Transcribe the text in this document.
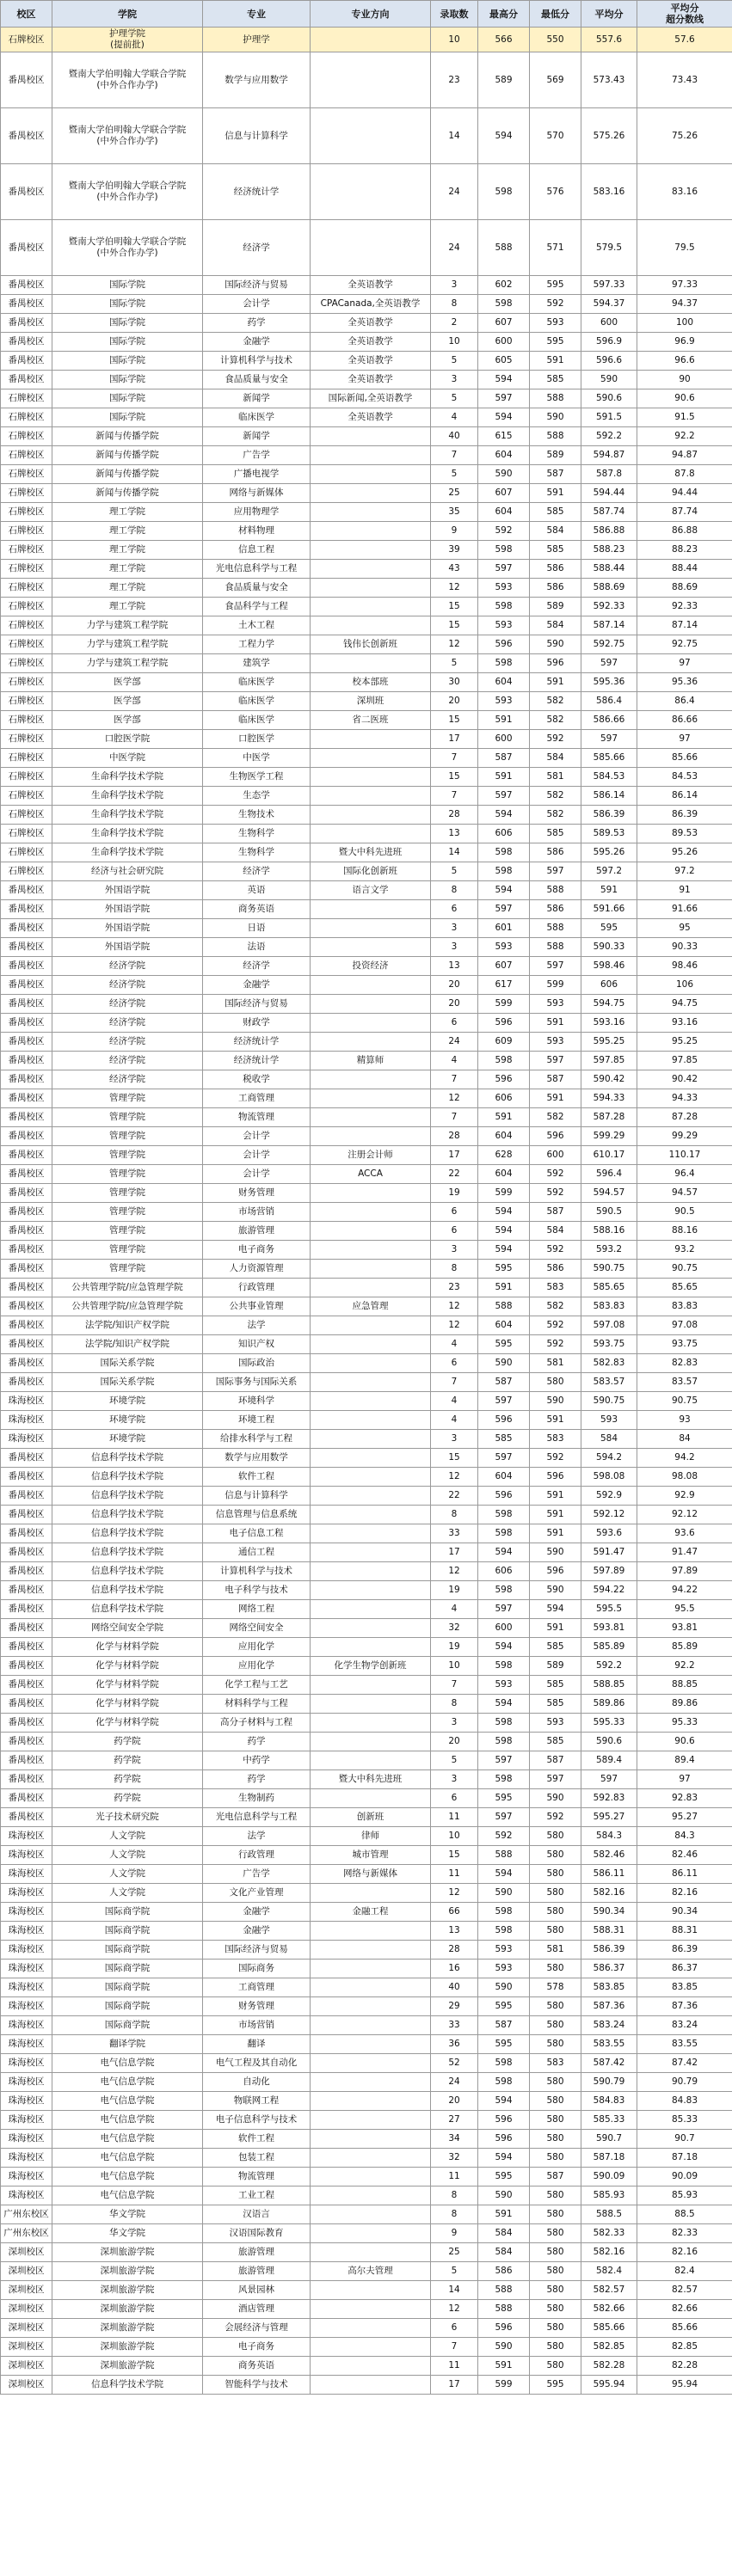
校区	学院	专业	专业方向	录取数	最高分	最低分	平均分	平均分
超分数线

石牌校区	护理学院
(提前批)	护理学		10	566	550	557.6	57.6
番禺校区	暨南大学伯明翰大学联合学院
(中外合作办学)	数学与应用数学		23	589	569	573.43	73.43
番禺校区	暨南大学伯明翰大学联合学院
(中外合作办学)	信息与计算科学		14	594	570	575.26	75.26
番禺校区	暨南大学伯明翰大学联合学院
(中外合作办学)	经济统计学		24	598	576	583.16	83.16
番禺校区	暨南大学伯明翰大学联合学院
(中外合作办学)	经济学		24	588	571	579.5	79.5
番禺校区	国际学院	国际经济与贸易	全英语教学	3	602	595	597.33	97.33
番禺校区	国际学院	会计学	CPACanada,全英语教学	8	598	592	594.37	94.37
番禺校区	国际学院	药学	全英语教学	2	607	593	600	100
番禺校区	国际学院	金融学	全英语教学	10	600	595	596.9	96.9
番禺校区	国际学院	计算机科学与技术	全英语教学	5	605	591	596.6	96.6
番禺校区	国际学院	食品质量与安全	全英语教学	3	594	585	590	90
石牌校区	国际学院	新闻学	国际新闻,全英语教学	5	597	588	590.6	90.6
石牌校区	国际学院	临床医学	全英语教学	4	594	590	591.5	91.5
石牌校区	新闻与传播学院	新闻学		40	615	588	592.2	92.2
石牌校区	新闻与传播学院	广告学		7	604	589	594.87	94.87
石牌校区	新闻与传播学院	广播电视学		5	590	587	587.8	87.8
石牌校区	新闻与传播学院	网络与新媒体		25	607	591	594.44	94.44
石牌校区	理工学院	应用物理学		35	604	585	587.74	87.74
石牌校区	理工学院	材料物理		9	592	584	586.88	86.88
石牌校区	理工学院	信息工程		39	598	585	588.23	88.23
石牌校区	理工学院	光电信息科学与工程		43	597	586	588.44	88.44
石牌校区	理工学院	食品质量与安全		12	593	586	588.69	88.69
石牌校区	理工学院	食品科学与工程		15	598	589	592.33	92.33
石牌校区	力学与建筑工程学院	土木工程		15	593	584	587.14	87.14
石牌校区	力学与建筑工程学院	工程力学	钱伟长创新班	12	596	590	592.75	92.75
石牌校区	力学与建筑工程学院	建筑学		5	598	596	597	97
石牌校区	医学部	临床医学	校本部班	30	604	591	595.36	95.36
石牌校区	医学部	临床医学	深圳班	20	593	582	586.4	86.4
石牌校区	医学部	临床医学	省二医班	15	591	582	586.66	86.66
石牌校区	口腔医学院	口腔医学		17	600	592	597	97
石牌校区	中医学院	中医学		7	587	584	585.66	85.66
石牌校区	生命科学技术学院	生物医学工程		15	591	581	584.53	84.53
石牌校区	生命科学技术学院	生态学		7	597	582	586.14	86.14
石牌校区	生命科学技术学院	生物技术		28	594	582	586.39	86.39
石牌校区	生命科学技术学院	生物科学		13	606	585	589.53	89.53
石牌校区	生命科学技术学院	生物科学	暨大中科先进班	14	598	586	595.26	95.26
石牌校区	经济与社会研究院	经济学	国际化创新班	5	598	597	597.2	97.2
番禺校区	外国语学院	英语	语言文学	8	594	588	591	91
番禺校区	外国语学院	商务英语		6	597	586	591.66	91.66
番禺校区	外国语学院	日语		3	601	588	595	95
番禺校区	外国语学院	法语		3	593	588	590.33	90.33
番禺校区	经济学院	经济学	投资经济	13	607	597	598.46	98.46
番禺校区	经济学院	金融学		20	617	599	606	106
番禺校区	经济学院	国际经济与贸易		20	599	593	594.75	94.75
番禺校区	经济学院	财政学		6	596	591	593.16	93.16
番禺校区	经济学院	经济统计学		24	609	593	595.25	95.25
番禺校区	经济学院	经济统计学	精算师	4	598	597	597.85	97.85
番禺校区	经济学院	税收学		7	596	587	590.42	90.42
番禺校区	管理学院	工商管理		12	606	591	594.33	94.33
番禺校区	管理学院	物流管理		7	591	582	587.28	87.28
番禺校区	管理学院	会计学		28	604	596	599.29	99.29
番禺校区	管理学院	会计学	注册会计师	17	628	600	610.17	110.17
番禺校区	管理学院	会计学	ACCA	22	604	592	596.4	96.4
番禺校区	管理学院	财务管理		19	599	592	594.57	94.57
番禺校区	管理学院	市场营销		6	594	587	590.5	90.5
番禺校区	管理学院	旅游管理		6	594	584	588.16	88.16
番禺校区	管理学院	电子商务		3	594	592	593.2	93.2
番禺校区	管理学院	人力资源管理		8	595	586	590.75	90.75
番禺校区	公共管理学院/应急管理学院	行政管理		23	591	583	585.65	85.65
番禺校区	公共管理学院/应急管理学院	公共事业管理	应急管理	12	588	582	583.83	83.83
番禺校区	法学院/知识产权学院	法学		12	604	592	597.08	97.08
番禺校区	法学院/知识产权学院	知识产权		4	595	592	593.75	93.75
番禺校区	国际关系学院	国际政治		6	590	581	582.83	82.83
番禺校区	国际关系学院	国际事务与国际关系		7	587	580	583.57	83.57
珠海校区	环境学院	环境科学		4	597	590	590.75	90.75
珠海校区	环境学院	环境工程		4	596	591	593	93
珠海校区	环境学院	给排水科学与工程		3	585	583	584	84
番禺校区	信息科学技术学院	数学与应用数学		15	597	592	594.2	94.2
番禺校区	信息科学技术学院	软件工程		12	604	596	598.08	98.08
番禺校区	信息科学技术学院	信息与计算科学		22	596	591	592.9	92.9
番禺校区	信息科学技术学院	信息管理与信息系统		8	598	591	592.12	92.12
番禺校区	信息科学技术学院	电子信息工程		33	598	591	593.6	93.6
番禺校区	信息科学技术学院	通信工程		17	594	590	591.47	91.47
番禺校区	信息科学技术学院	计算机科学与技术		12	606	596	597.89	97.89
番禺校区	信息科学技术学院	电子科学与技术		19	598	590	594.22	94.22
番禺校区	信息科学技术学院	网络工程		4	597	594	595.5	95.5
番禺校区	网络空间安全学院	网络空间安全		32	600	591	593.81	93.81
番禺校区	化学与材料学院	应用化学		19	594	585	585.89	85.89
番禺校区	化学与材料学院	应用化学	化学生物学创新班	10	598	589	592.2	92.2
番禺校区	化学与材料学院	化学工程与工艺		7	593	585	588.85	88.85
番禺校区	化学与材料学院	材料科学与工程		8	594	585	589.86	89.86
番禺校区	化学与材料学院	高分子材料与工程		3	598	593	595.33	95.33
番禺校区	药学院	药学		20	598	585	590.6	90.6
番禺校区	药学院	中药学		5	597	587	589.4	89.4
番禺校区	药学院	药学	暨大中科先进班	3	598	597	597	97
番禺校区	药学院	生物制药		6	595	590	592.83	92.83
番禺校区	光子技术研究院	光电信息科学与工程	创新班	11	597	592	595.27	95.27
珠海校区	人文学院	法学	律师	10	592	580	584.3	84.3
珠海校区	人文学院	行政管理	城市管理	15	588	580	582.46	82.46
珠海校区	人文学院	广告学	网络与新媒体	11	594	580	586.11	86.11
珠海校区	人文学院	文化产业管理		12	590	580	582.16	82.16
珠海校区	国际商学院	金融学	金融工程	66	598	580	590.34	90.34
珠海校区	国际商学院	金融学		13	598	580	588.31	88.31
珠海校区	国际商学院	国际经济与贸易		28	593	581	586.39	86.39
珠海校区	国际商学院	国际商务		16	593	580	586.37	86.37
珠海校区	国际商学院	工商管理		40	590	578	583.85	83.85
珠海校区	国际商学院	财务管理		29	595	580	587.36	87.36
珠海校区	国际商学院	市场营销		33	587	580	583.24	83.24
珠海校区	翻译学院	翻译		36	595	580	583.55	83.55
珠海校区	电气信息学院	电气工程及其自动化		52	598	583	587.42	87.42
珠海校区	电气信息学院	自动化		24	598	580	590.79	90.79
珠海校区	电气信息学院	物联网工程		20	594	580	584.83	84.83
珠海校区	电气信息学院	电子信息科学与技术		27	596	580	585.33	85.33
珠海校区	电气信息学院	软件工程		34	596	580	590.7	90.7
珠海校区	电气信息学院	包装工程		32	594	580	587.18	87.18
珠海校区	电气信息学院	物流管理		11	595	587	590.09	90.09
珠海校区	电气信息学院	工业工程		8	590	580	585.93	85.93
广州东校区	华文学院	汉语言		8	591	580	588.5	88.5
广州东校区	华文学院	汉语国际教育		9	584	580	582.33	82.33
深圳校区	深圳旅游学院	旅游管理		25	584	580	582.16	82.16
深圳校区	深圳旅游学院	旅游管理	高尔夫管理	5	586	580	582.4	82.4
深圳校区	深圳旅游学院	风景园林		14	588	580	582.57	82.57
深圳校区	深圳旅游学院	酒店管理		12	588	580	582.66	82.66
深圳校区	深圳旅游学院	会展经济与管理		6	596	580	585.66	85.66
深圳校区	深圳旅游学院	电子商务		7	590	580	582.85	82.85
深圳校区	深圳旅游学院	商务英语		11	591	580	582.28	82.28
深圳校区	信息科学技术学院	智能科学与技术		17	599	595	595.94	95.94
